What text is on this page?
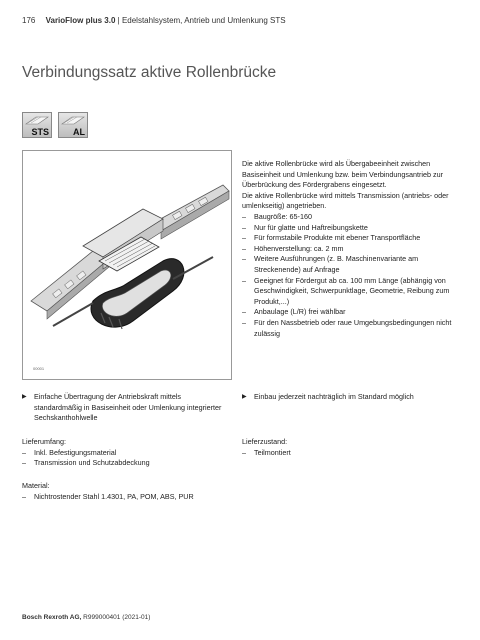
176 VarioFlow plus 3.0 | Edelstahlsystem, Antrieb und Umlenkung STS
Verbindungssatz aktive Rollenbrücke
STS	AL
00001

Die aktive Rollenbrücke wird als Übergabeeinheit zwischen Basiseinheit und Umlenkung bzw. beim Verbindungsantrieb zur Überbrückung des Fördergrabens eingesetzt.

Die aktive Rollenbrücke wird mittels Transmission (antriebs- oder umlenkseitig) angetrieben.

– Baugröße: 65-160
– Nur für glatte und Haftreibungskette
– Für formstabile Produkte mit ebener Transportfläche
– Höhenverstellung: ca. 2 mm
– Weitere Ausführungen (z. B. Maschinenvariante am Streckenende) auf Anfrage
– Geeignet für Fördergut ab ca. 100 mm Länge (abhängig von Geschwindigkeit, Schwerpunktlage, Geometrie, Reibung zum Produkt,...)
– Anbaulage (L/R) frei wählbar
– Für den Nassbetrieb oder raue Umgebungsbedingungen nicht zulässig
▶ Einfache Übertragung der Antriebskraft mittels standardmäßig in Basiseinheit oder Umlenkung integrierter Sechskanthohlwelle
▶ Einbau jederzeit nachträglich im Standard möglich

Lieferumfang:

– Inkl. Befestigungsmaterial
– Transmission und Schutzabdeckung

Lieferzustand:

– Teilmontiert

Material:

– Nichtrostender Stahl 1.4301, PA, POM, ABS, PUR
Bosch Rexroth AG, R999000401 (2021-01)
